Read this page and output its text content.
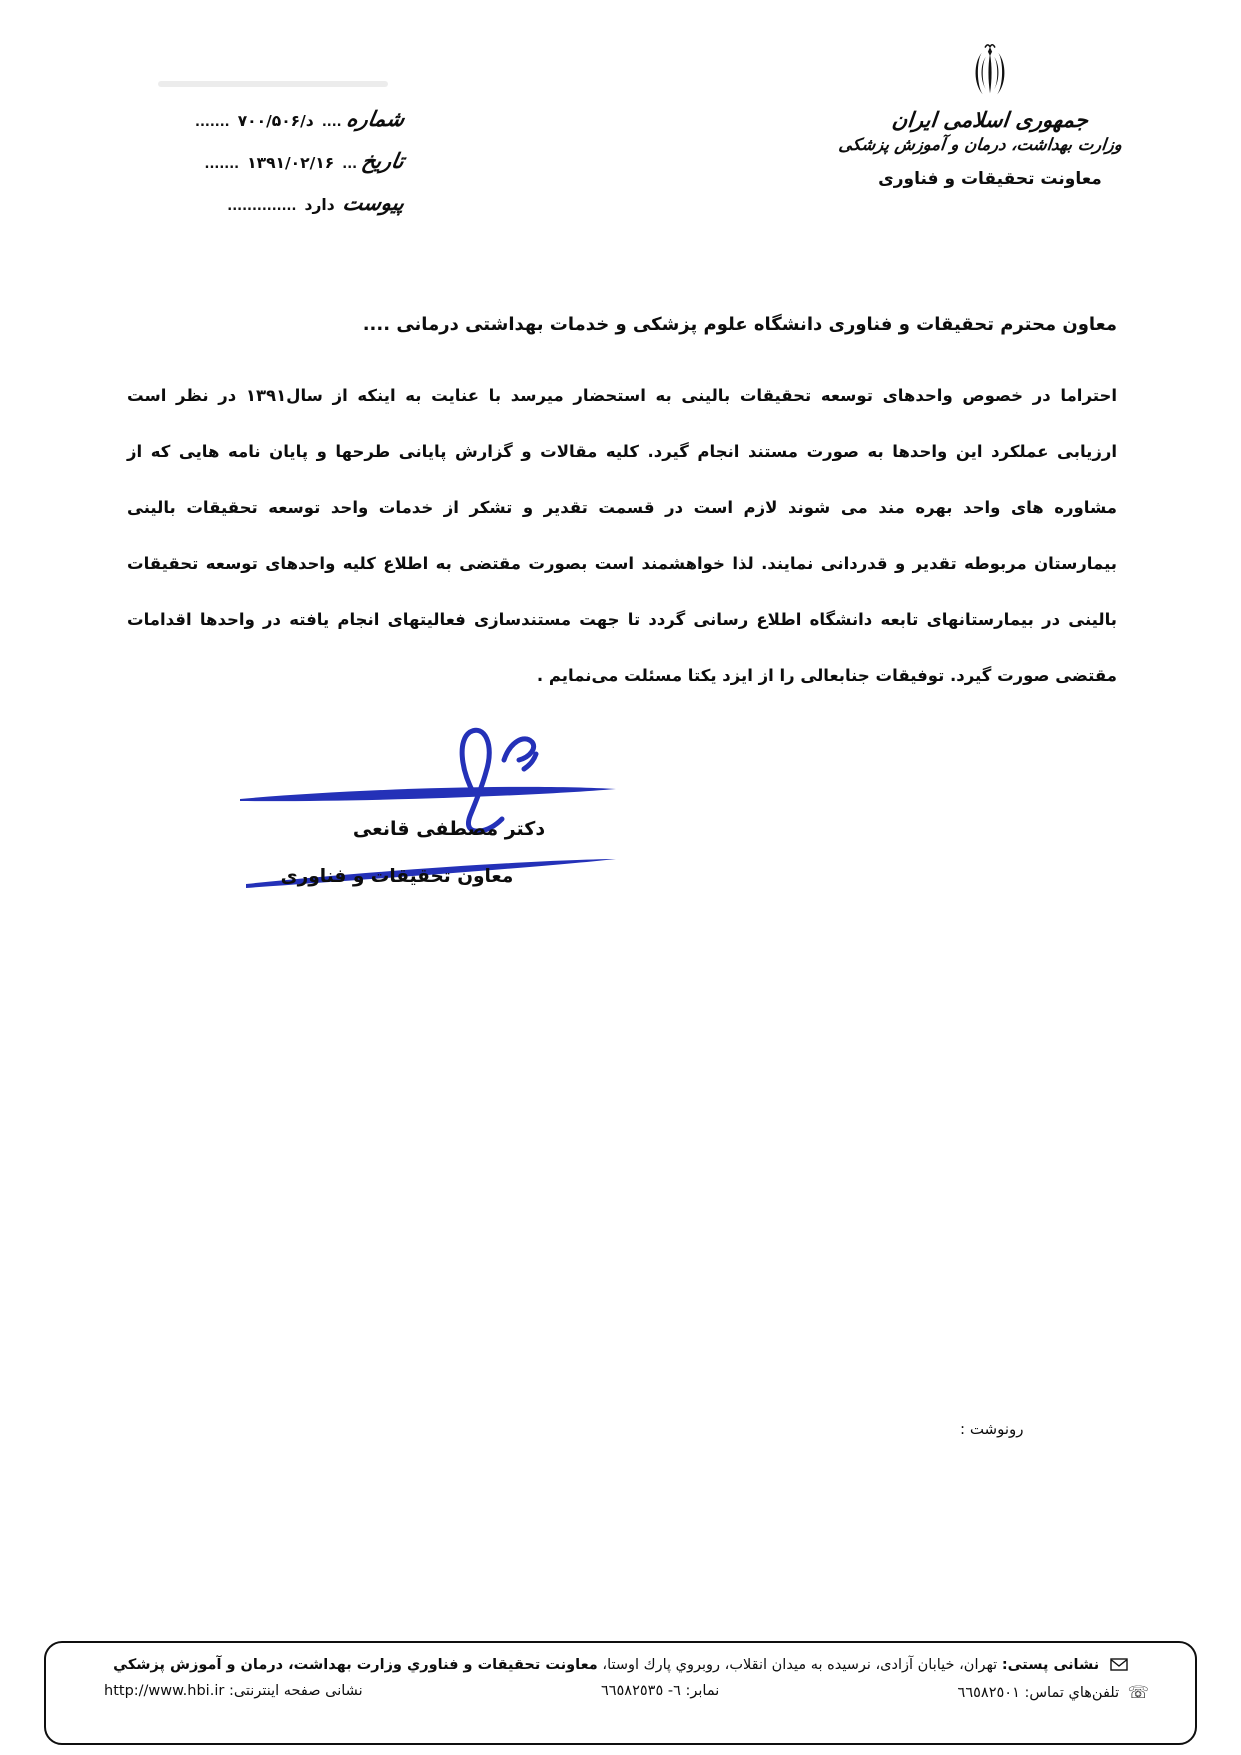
جمهوری اسلامی ایران
وزارت بهداشت، درمان و آموزش پزشکی
معاونت تحقیقات و فناوری
شماره .... ۷۰۰/د/۵۰۶ .......
تاریخ ... ۱۳۹۱/۰۲/۱۶ .......
پیوست دارد ..............
معاون محترم تحقیقات و فناوری دانشگاه علوم پزشکی و خدمات بهداشتی درمانی ....
احتراما در خصوص واحدهای توسعه تحقیقات بالینی به استحضار میرسد با عنایت به اینکه از سال۱۳۹۱ در نظر است
ارزیابی عملکرد این واحدها به صورت مستند انجام گیرد. کلیه مقالات و گزارش پایانی طرحها و پایان نامه هایی که از
مشاوره های واحد بهره مند می شوند لازم است در قسمت تقدیر و تشکر از خدمات واحد توسعه تحقیقات بالینی
بیمارستان مربوطه تقدیر و قدردانی نمایند. لذا خواهشمند است بصورت مقتضی به اطلاع کلیه واحدهای توسعه تحقیقات
بالینی در بیمارستانهای تابعه دانشگاه اطلاع رسانی گردد تا جهت مستندسازی فعالیتهای انجام یافته در واحدها اقدامات
مقتضی صورت گیرد. توفیقات جنابعالی را از ایزد یکتا مسئلت می‌نمایم .
دکتر مصطفی قانعی
معاون تحقیقات و فناوری
رونوشت :
نشانی پستی: تهران، خیابان آزادی، نرسیده به میدان انقلاب، روبروي پارك اوستا، معاونت تحقیقات و فناوري وزارت بهداشت، درمان و آموزش پزشكي
☏ تلفن‌هاي تماس: ٦٦٥٨٢٥٠١
نمابر: ٦- ٦٦٥٨٢٥٣٥
نشانی صفحه اینترنتی: http://www.hbi.ir
